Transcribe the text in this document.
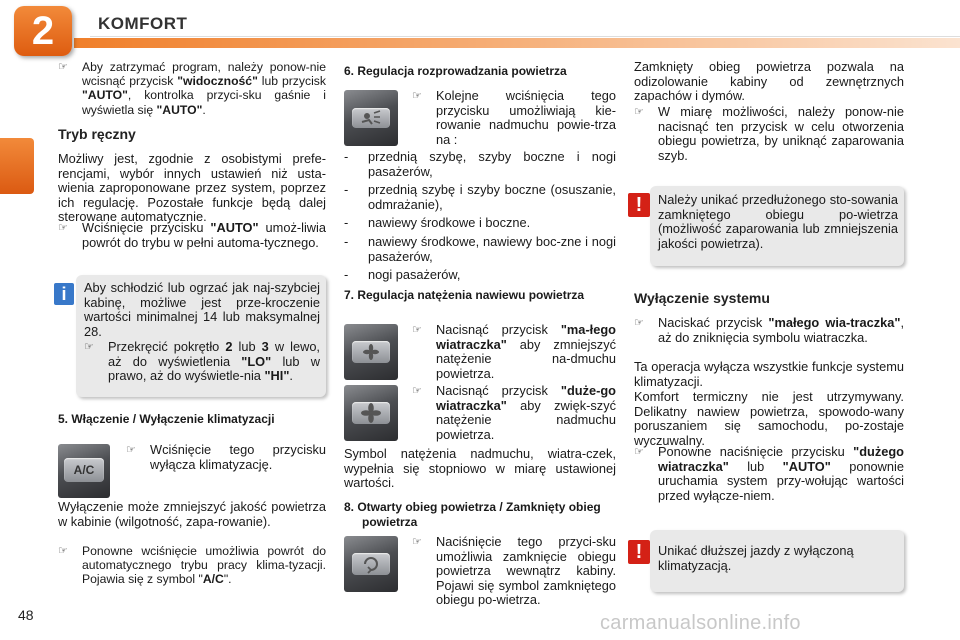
2	KOMFORT
☞ Aby zatrzymać program, należy ponow-nie wcisnąć przycisk "widoczność" lub przycisk "AUTO", kontrolka przyci-sku gaśnie i wyświetla się "AUTO".
Tryb ręczny
Możliwy jest, zgodnie z osobistymi prefe-rencjami, wybór innych ustawień niż usta-wienia zaproponowane przez system, poprzez ich regulację. Pozostałe funkcje będą dalej sterowane automatycznie.
☞ Wciśnięcie przycisku "AUTO" umoż-liwia powrót do trybu w pełni automa-tycznego.
i	Aby schłodzić lub ogrzać jak naj-szybciej kabinę, możliwe jest prze-kroczenie wartości minimalnej 14 lub maksymalnej 28.
☞ Przekręcić pokrętło 2 lub 3 w lewo, aż do wyświetlenia "LO" lub w prawo, aż do wyświetle-nia "HI".
5. Włączenie / Wyłączenie klimatyzacji
A/C
☞ Wciśnięcie tego przycisku wyłącza klimatyzację.
Wyłączenie może zmniejszyć jakość powietrza w kabinie (wilgotność, zapa-rowanie).
☞ Ponowne wciśnięcie umożliwia powrót do automatycznego trybu pracy klima-tyzacji. Pojawia się z symbol "A/C".
6. Regulacja rozprowadzania powietrza
☞ Kolejne wciśnięcia tego przycisku umożliwiają kie-rowanie nadmuchu powie-trza na :
- przednią szybę, szyby boczne i nogi pasażerów,
- przednią szybę i szyby boczne (osuszanie, odmrażanie),
- nawiewy środkowe i boczne.
- nawiewy środkowe, nawiewy boc-zne i nogi pasażerów,
- nogi pasażerów,
7. Regulacja natężenia nawiewu powietrza
☞ Nacisnąć przycisk "ma-łego wiatraczka" aby zmniejszyć natężenie na-dmuchu powietrza.
☞ Nacisnąć przycisk "duże-go wiatraczka" aby zwięk-szyć natężenie nadmuchu powietrza.
Symbol natężenia nadmuchu, wiatra-czek, wypełnia się stopniowo w miarę ustawionej wartości.
8. Otwarty obieg powietrza / Zamknięty obieg powietrza
☞ Naciśnięcie tego przyci-sku umożliwia zamknięcie obiegu powietrza wewnątrz kabiny. Pojawi się symbol zamkniętego obiegu po-wietrza.
Zamknięty obieg powietrza pozwala na odizolowanie kabiny od zewnętrznych zapachów i dymów.
☞ W miarę możliwości, należy ponow-nie nacisnąć ten przycisk w celu otworzenia obiegu powietrza, by uniknąć zaparowania szyb.
!	Należy unikać przedłużonego sto-sowania zamkniętego obiegu po-wietrza (możliwość zaparowania lub zmniejszenia jakości powietrza).
Wyłączenie systemu
☞ Naciskać przycisk "małego wia-traczka", aż do zniknięcia symbolu wiatraczka.
Ta operacja wyłącza wszystkie funkcje systemu klimatyzacji.
Komfort termiczny nie jest utrzymywany. Delikatny nawiew powietrza, spowodo-wany poruszaniem się samochodu, po-zostaje wyczuwalny.
☞ Ponowne naciśnięcie przycisku "dużego wiatraczka" lub "AUTO" ponownie uruchamia system przy-wołując wartości przed wyłącze-niem.
!	Unikać dłuższej jazdy z wyłączoną klimatyzacją.
48	carmanualsonline.info
